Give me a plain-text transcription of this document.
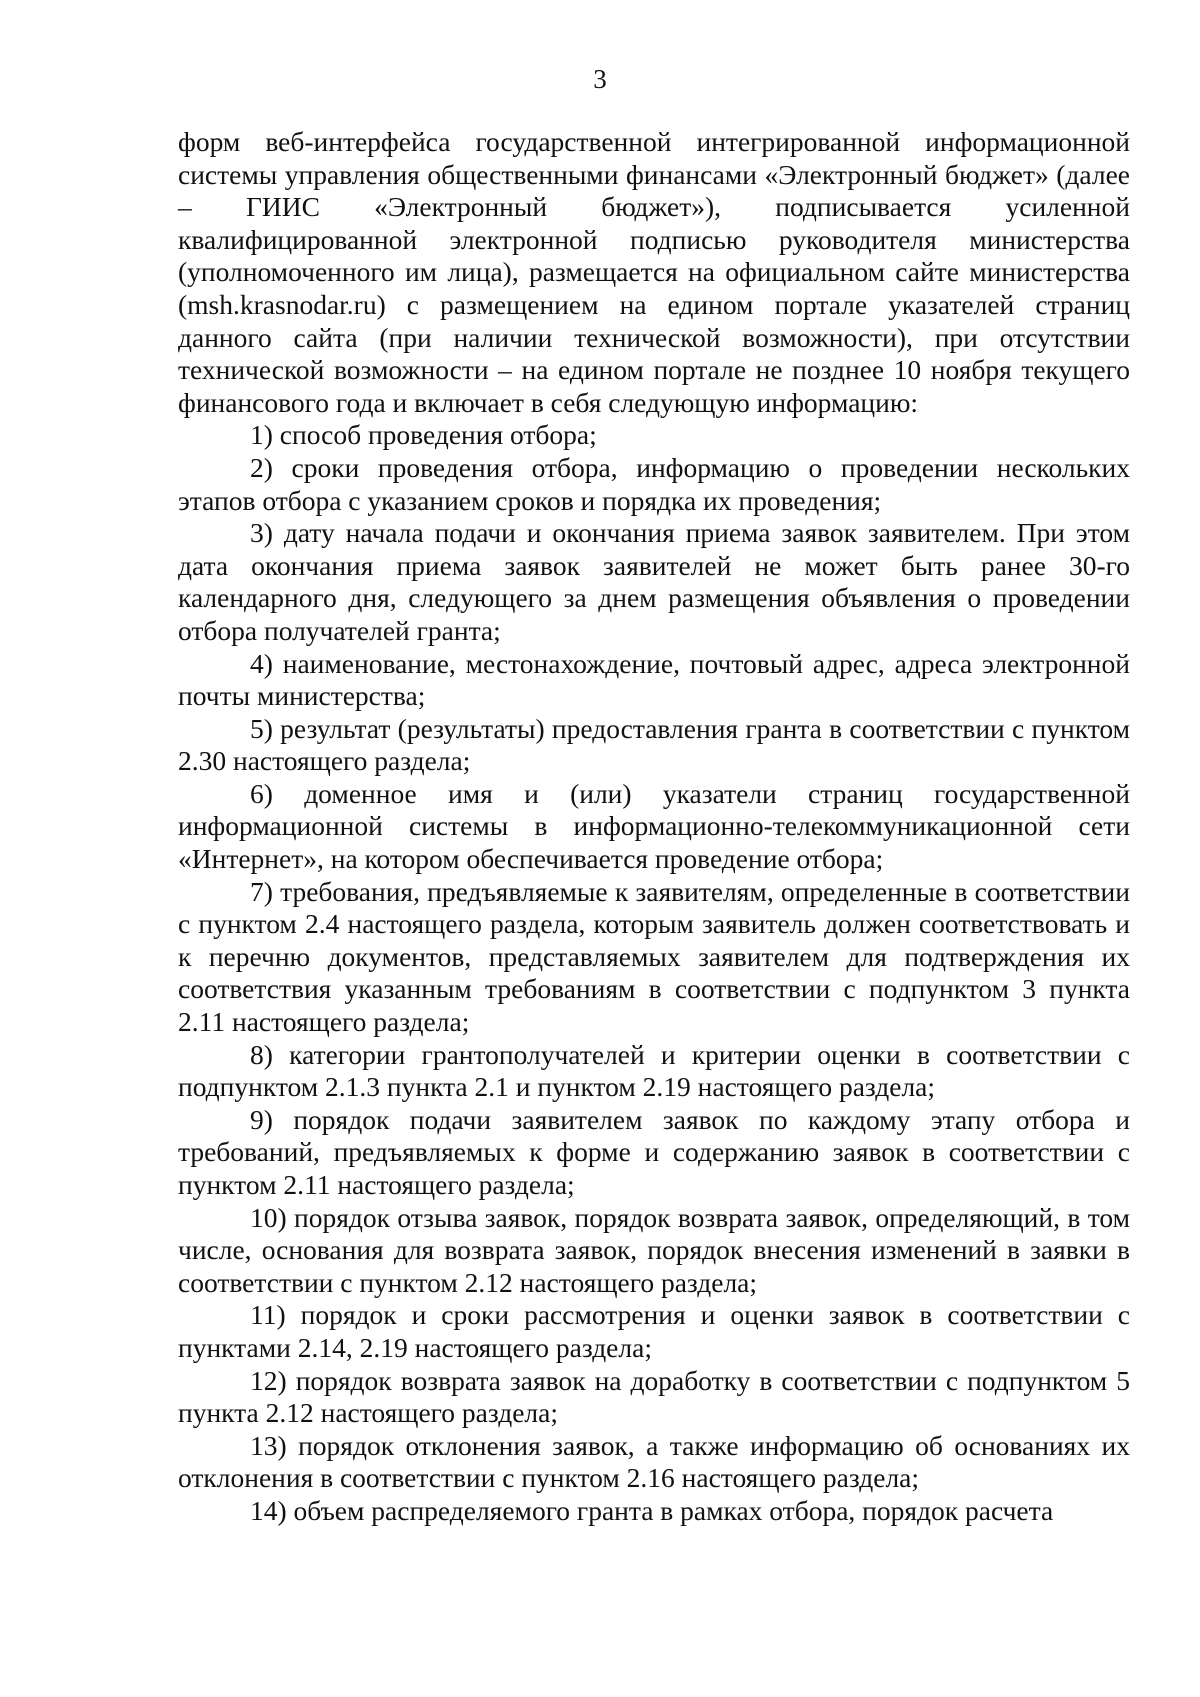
3

форм веб-интерфейса государственной интегрированной информационной системы управления общественными финансами «Электронный бюджет» (далее – ГИИС «Электронный бюджет»), подписывается усиленной квалифицированной электронной подписью руководителя министерства (уполномоченного им лица), размещается на официальном сайте министерства (msh.krasnodar.ru) с размещением на едином портале указателей страниц данного сайта (при наличии технической возможности), при отсутствии технической возможности – на едином портале не позднее 10 ноября текущего финансового года и включает в себя следующую информацию:

1) способ проведения отбора;

2) сроки проведения отбора, информацию о проведении нескольких этапов отбора с указанием сроков и порядка их проведения;

3) дату начала подачи и окончания приема заявок заявителем. При этом дата окончания приема заявок заявителей не может быть ранее 30-го календарного дня, следующего за днем размещения объявления о проведении отбора получателей гранта;

4) наименование, местонахождение, почтовый адрес, адреса электронной почты министерства;

5) результат (результаты) предоставления гранта в соответствии с пунктом 2.30 настоящего раздела;

6) доменное имя и (или) указатели страниц государственной информационной системы в информационно-телекоммуникационной сети «Интернет», на котором обеспечивается проведение отбора;

7) требования, предъявляемые к заявителям, определенные в соответствии с пунктом 2.4 настоящего раздела, которым заявитель должен соответствовать и к перечню документов, представляемых заявителем для подтверждения их соответствия указанным требованиям в соответствии с подпунктом 3 пункта 2.11 настоящего раздела;

8) категории грантополучателей и критерии оценки в соответствии с подпунктом 2.1.3 пункта 2.1 и пунктом 2.19 настоящего раздела;

9) порядок подачи заявителем заявок по каждому этапу отбора и требований, предъявляемых к форме и содержанию заявок в соответствии с пунктом 2.11 настоящего раздела;

10) порядок отзыва заявок, порядок возврата заявок, определяющий, в том числе, основания для возврата заявок, порядок внесения изменений в заявки в соответствии с пунктом 2.12 настоящего раздела;

11) порядок и сроки рассмотрения и оценки заявок в соответствии с пунктами 2.14, 2.19 настоящего раздела;

12) порядок возврата заявок на доработку в соответствии с подпунктом 5 пункта 2.12 настоящего раздела;

13) порядок отклонения заявок, а также информацию об основаниях их отклонения в соответствии с пунктом 2.16 настоящего раздела;

14) объем распределяемого гранта в рамках отбора, порядок расчета
